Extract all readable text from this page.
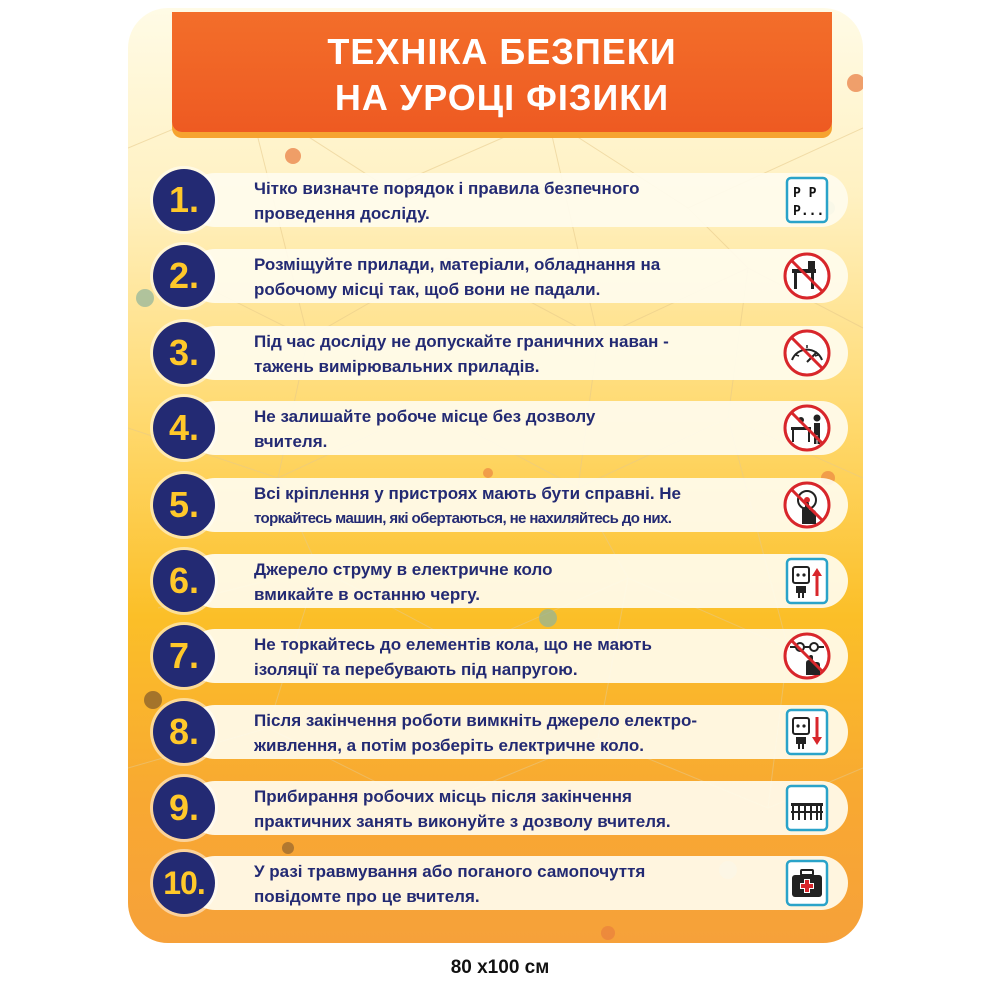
ТЕХНІКА БЕЗПЕКИ
НА УРОЦІ ФІЗИКИ
Чітко визначте порядок і правила безпечного
проведення досліду.
P P
P...
1.
Розміщуйте прилади, матеріали, обладнання на
робочому місці так, щоб вони не падали.
2.
Під час досліду не допускайте граничних наван -
тажень вимірювальних приладів.
3.
Не залишайте робоче місце без дозволу
вчителя.
4.
Всі кріплення у пристроях мають бути справні. Не
торкайтесь машин, які обертаються, не нахиляйтесь до них.
5.
Джерело струму в електричне коло
вмикайте в останню чергу.
6.
Не торкайтесь до елементів кола, що не мають
ізоляції та перебувають під напругою.
7.
Після закінчення роботи вимкніть джерело електро-
живлення, а потім розберіть електричне коло.
8.
Прибирання робочих місць після закінчення
практичних занять виконуйте з дозволу вчителя.
9.
У разі травмування або поганого самопочуття
повідомте про це вчителя.
10.
80 х100 см
